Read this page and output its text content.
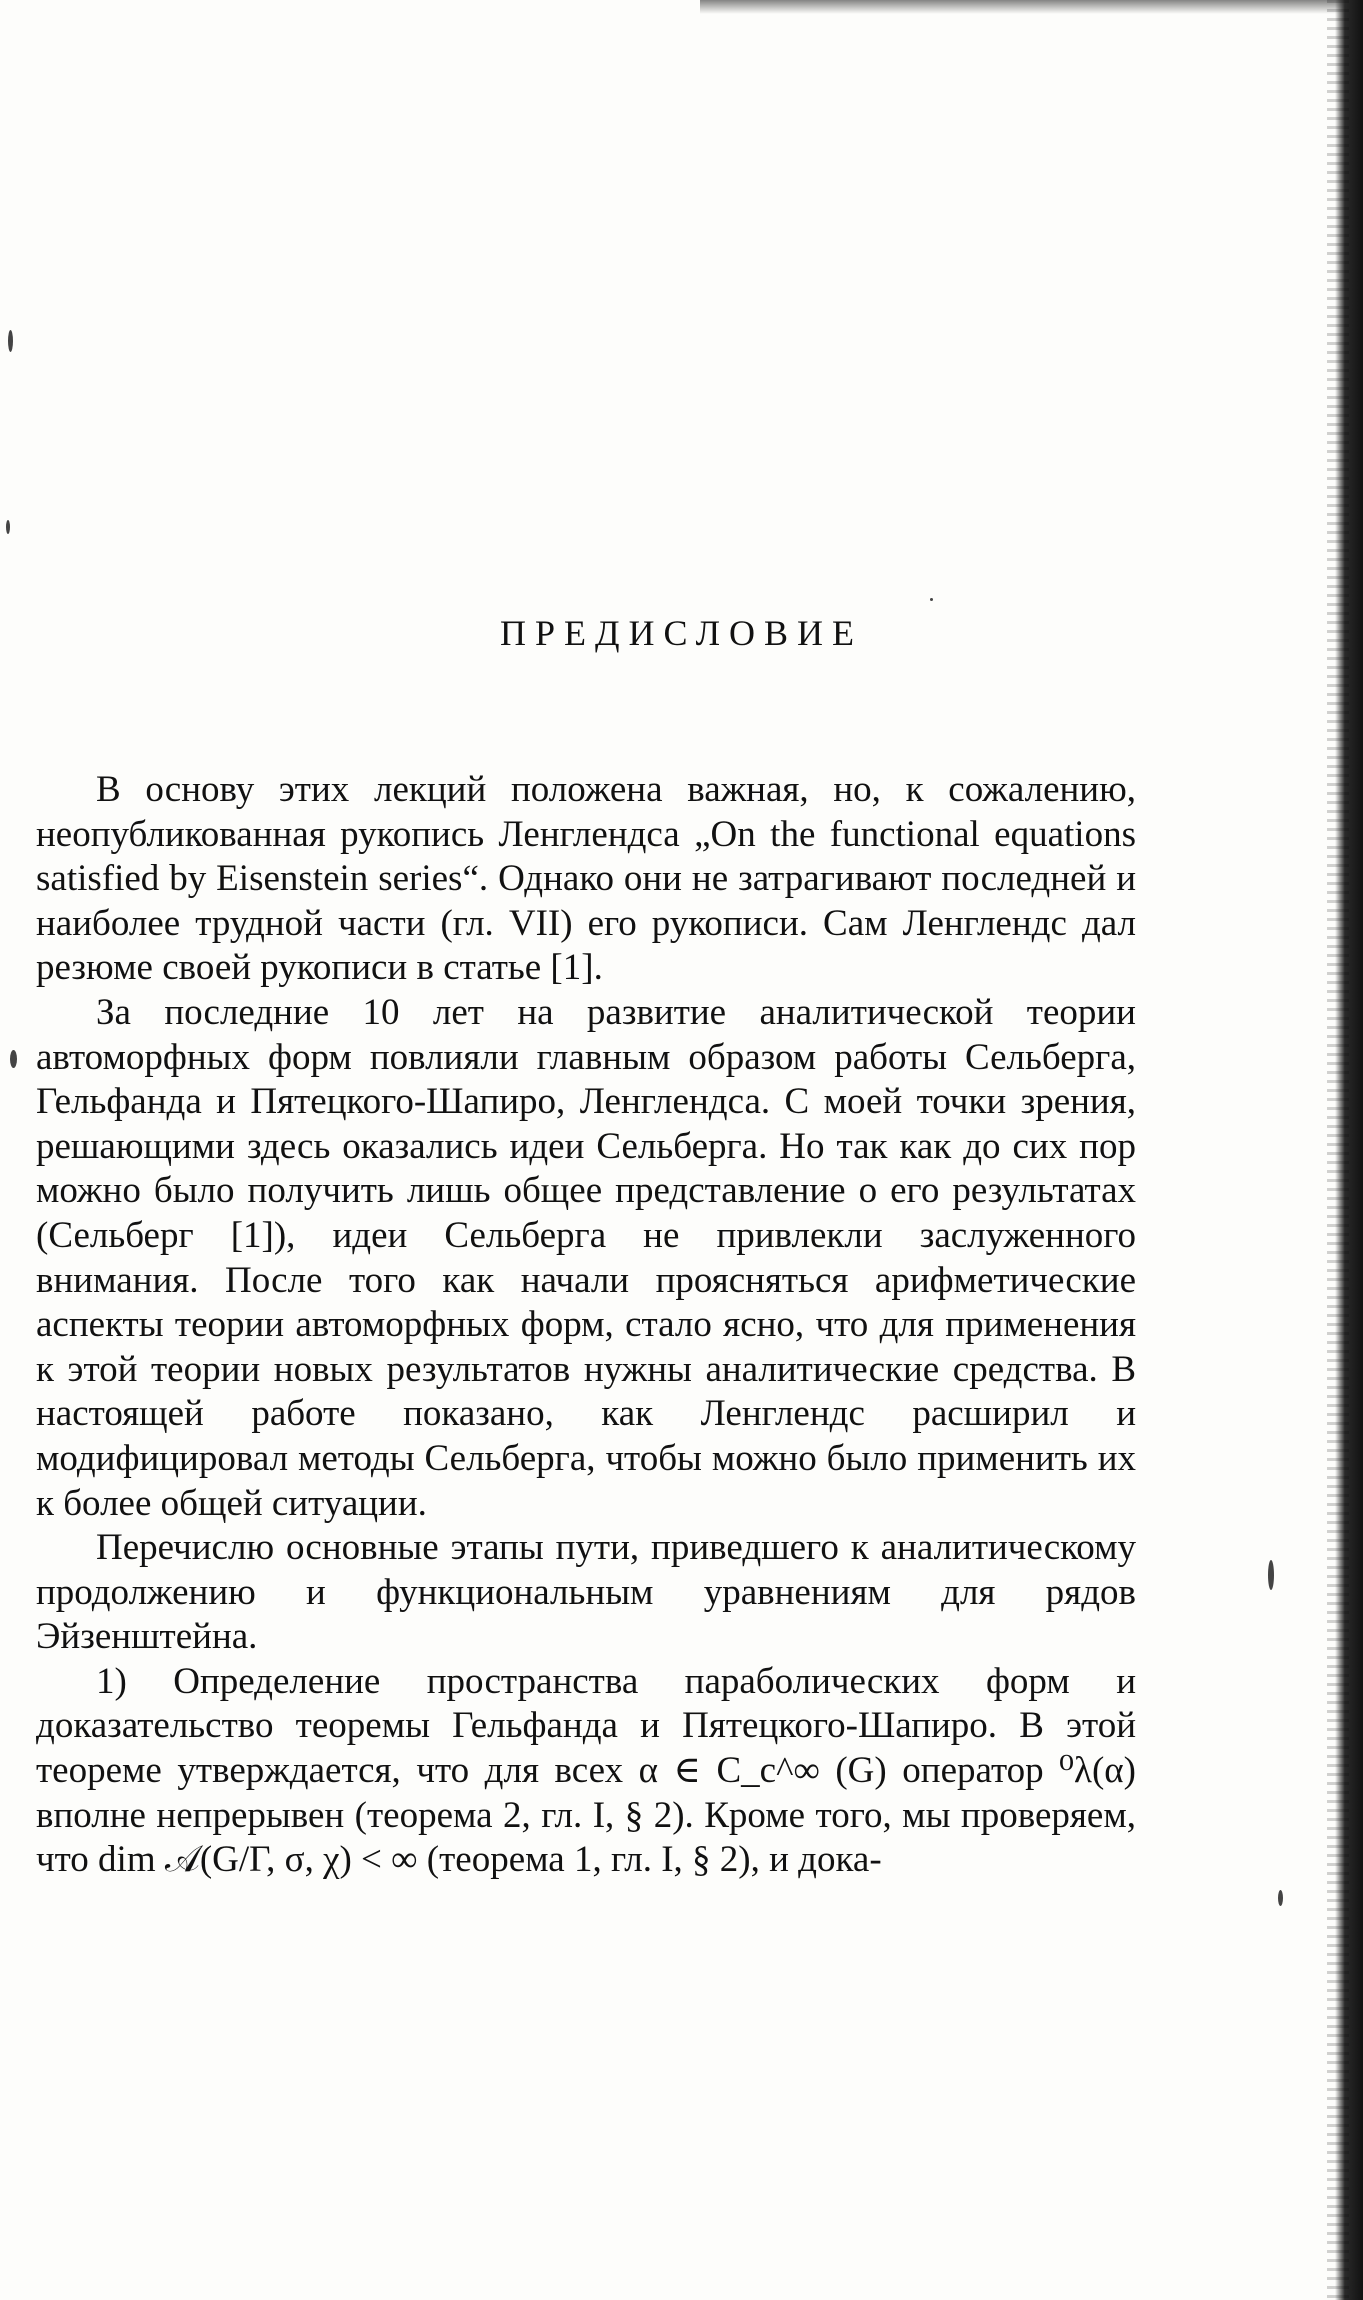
ПРЕДИСЛОВИЕ

В основу этих лекций положена важная, но, к сожалению, неопубликованная рукопись Ленглендса „On the functional equations satisfied by Eisenstein series“. Однако они не затрагивают последней и наиболее трудной части (гл. VII) его рукописи. Сам Ленглендс дал резюме своей рукописи в статье [1].

За последние 10 лет на развитие аналитической теории автоморфных форм повлияли главным образом работы Сельберга, Гельфанда и Пятецкого-Шапиро, Ленглендса. С моей точки зрения, решающими здесь оказались идеи Сельберга. Но так как до сих пор можно было получить лишь общее представление о его результатах (Сельберг [1]), идеи Сельберга не привлекли заслуженного внимания. После того как начали проясняться арифметические аспекты теории автоморфных форм, стало ясно, что для применения к этой теории новых результатов нужны аналитические средства. В настоящей работе показано, как Ленглендс расширил и модифицировал методы Сельберга, чтобы можно было применить их к более общей ситуации.

Перечислю основные этапы пути, приведшего к аналитическому продолжению и функциональным уравнениям для рядов Эйзенштейна.

1) Определение пространства параболических форм и доказательство теоремы Гельфанда и Пятецкого-Шапиро. В этой теореме утверждается, что для всех α ∈ C_c^∞ (G) оператор ⁰λ(α) вполне непрерывен (теорема 2, гл. I, § 2). Кроме того, мы проверяем, что dim 𝒜(G/Γ, σ, χ) < ∞ (теорема 1, гл. I, § 2), и дока-
